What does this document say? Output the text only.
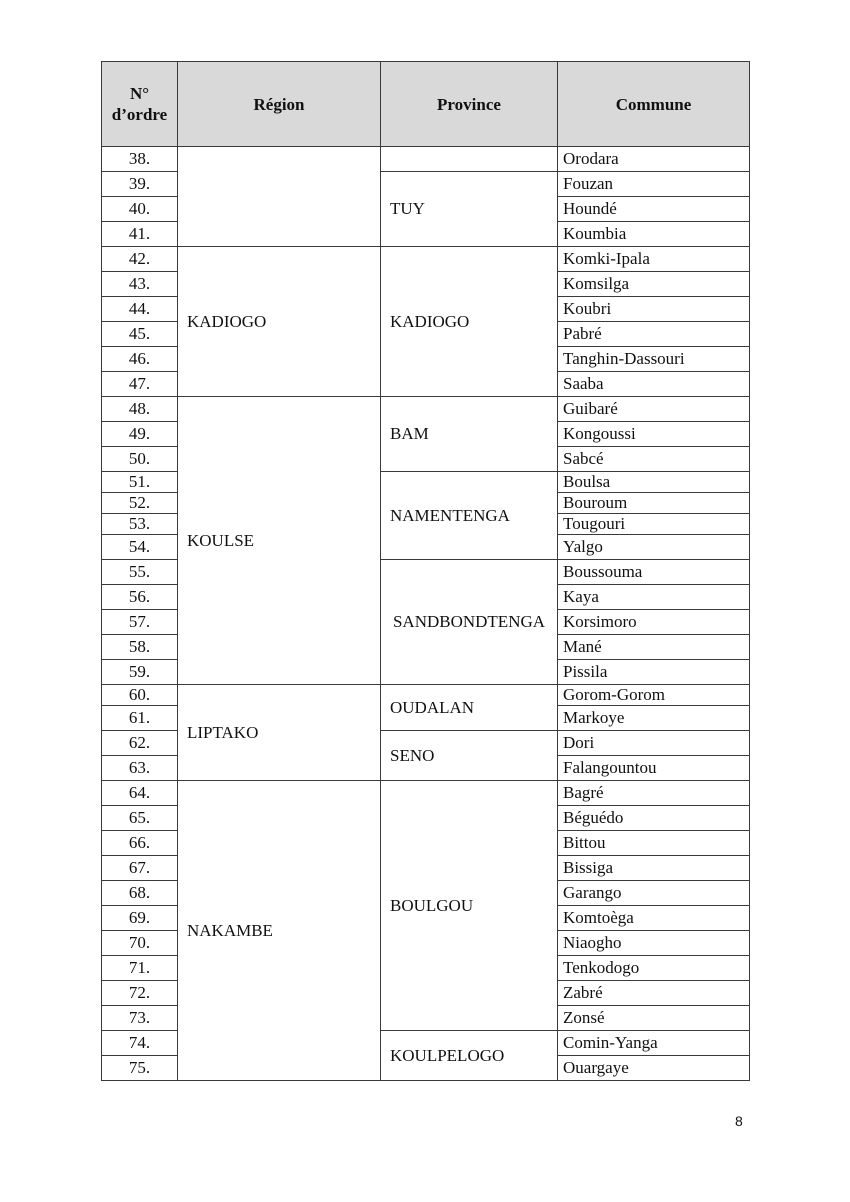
N°
d’ordre	Région	Province	Commune
38.			Orodara
39.		TUY	Fouzan
40.			Houndé
41.			Koumbia
42.	KADIOGO	KADIOGO	Komki-Ipala
43.			Komsilga
44.			Koubri
45.			Pabré
46.			Tanghin-Dassouri
47.			Saaba
48.	KOULSE	BAM	Guibaré
49.			Kongoussi
50.			Sabcé
51.		NAMENTENGA	Boulsa
52.			Bouroum
53.			Tougouri
54.			Yalgo
55.		SANDBONDTENGA	Boussouma
56.			Kaya
57.			Korsimoro
58.			Mané
59.			Pissila
60.	LIPTAKO	OUDALAN	Gorom-Gorom
61.			Markoye
62.		SENO	Dori
63.			Falangountou
64.	NAKAMBE	BOULGOU	Bagré
65.			Béguédo
66.			Bittou
67.			Bissiga
68.			Garango
69.			Komtoèga
70.			Niaogho
71.			Tenkodogo
72.			Zabré
73.			Zonsé
74.		KOULPELOGO	Comin-Yanga
75.			Ouargaye
8
